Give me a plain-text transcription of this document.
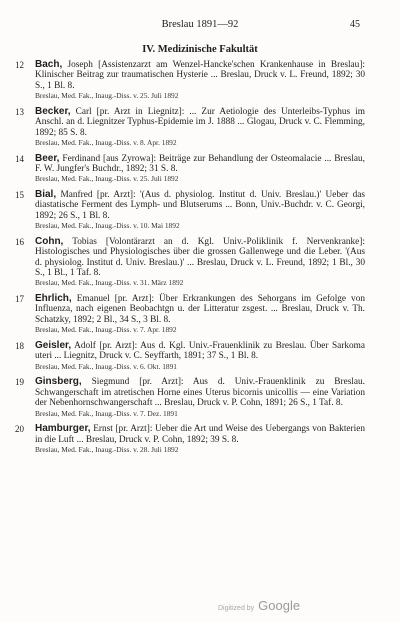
Breslau 1891—92	45
IV. Medizinische Fakultät
12 Bach, Joseph [Assistenzarzt am Wenzel-Hancke'schen Krankenhause in Breslau]: Klinischer Beitrag zur traumatischen Hysterie ... Breslau, Druck v. L. Freund, 1892; 30 S., 1 Bl. 8.
Breslau, Med. Fak., Inaug.-Diss. v. 25. Juli 1892
13 Becker, Carl [pr. Arzt in Liegnitz]: ... Zur Aetiologie des Unterleibs-Typhus im Anschl. an d. Liegnitzer Typhus-Epidemie im J. 1888 ... Glogau, Druck v. C. Flemming, 1892; 85 S. 8.
Breslau, Med. Fak., Inaug.-Diss. v. 8. Apr. 1892
14 Beer, Ferdinand [aus Zyrowa]: Beiträge zur Behandlung der Osteomalacie ... Breslau, F. W. Jungfer's Buchdr., 1892; 31 S. 8.
Breslau, Med. Fak., Inaug.-Diss. v. 25. Juli 1892
15 Bial, Manfred [pr. Arzt]: '(Aus d. physiolog. Institut d. Univ. Breslau.)' Ueber das diastatische Ferment des Lymph- und Blutserums ... Bonn, Univ.-Buchdr. v. C. Georgi, 1892; 26 S., 1 Bl. 8.
Breslau, Med. Fak., Inaug.-Diss. v. 10. Mai 1892
16 Cohn, Tobias [Volontärarzt an d. Kgl. Univ.-Poliklinik f. Nervenkranke]: Histologisches und Physiologisches über die grossen Gallenwege und die Leber. '(Aus d. physiolog. Institut d. Univ. Breslau.)' ... Breslau, Druck v. L. Freund, 1892; 1 Bl., 30 S., 1 Bl., 1 Taf. 8.
Breslau, Med. Fak., Inaug.-Diss. v. 31. März 1892
17 Ehrlich, Emanuel [pr. Arzt]: Über Erkrankungen des Sehorgans im Gefolge von Influenza, nach eigenen Beobachtgn u. der Litteratur zsgest. ... Breslau, Druck v. Th. Schatzky, 1892; 2 Bl., 34 S., 3 Bl. 8.
Breslau, Med. Fak., Inaug.-Diss. v. 7. Apr. 1892
18 Geisler, Adolf [pr. Arzt]: Aus d. Kgl. Univ.-Frauenklinik zu Breslau. Über Sarkoma uteri ... Liegnitz, Druck v. C. Seyffarth, 1891; 37 S., 1 Bl. 8.
Breslau, Med. Fak., Inaug.-Diss. v. 6. Okt. 1891
19 Ginsberg, Siegmund [pr. Arzt]: Aus d. Univ.-Frauenklinik zu Breslau. Schwangerschaft im atretischen Horne eines Uterus bicornis unicollis — eine Variation der Nebenhornschwangerschaft ... Breslau, Druck v. P. Cohn, 1891; 26 S., 1 Taf. 8.
Breslau, Med. Fak., Inaug.-Diss. v. 7. Dez. 1891
20 Hamburger, Ernst [pr. Arzt]: Ueber die Art und Weise des Uebergangs von Bakterien in die Luft ... Breslau, Druck v. P. Cohn, 1892; 39 S. 8.
Breslau, Med. Fak., Inaug.-Diss. v. 28. Juli 1892
Digitized by Google
